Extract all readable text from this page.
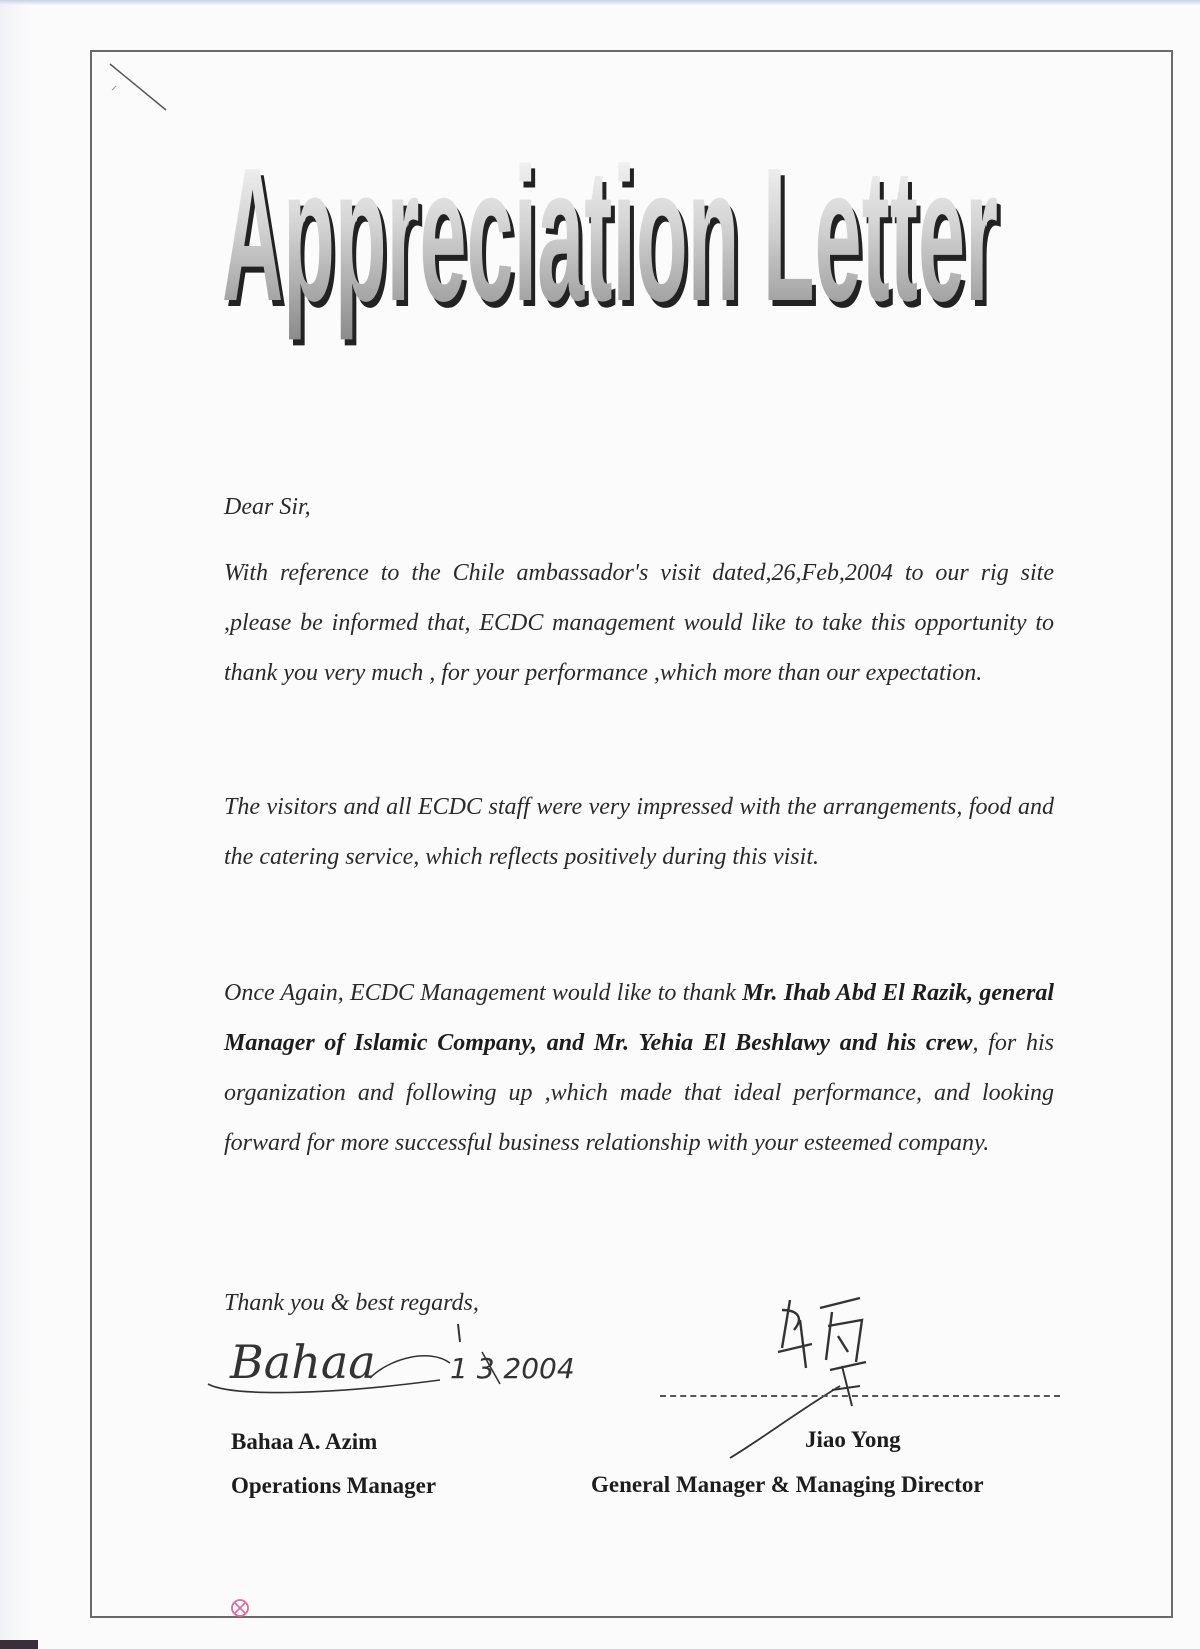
Appreciation Letter
Appreciation Letter
Dear Sir,
With reference to the Chile ambassador's visit dated,26,Feb,2004 to our rig site ,please be informed that, ECDC management would like to take this opportunity to thank you very much , for your performance ,which more than our expectation.
The visitors and all ECDC staff were very impressed with the arrangements, food and the catering service, which reflects positively during this visit.
Once Again, ECDC Management would like to thank Mr. Ihab Abd El Razik, general Manager of Islamic Company, and Mr. Yehia El Beshlawy and his crew, for his organization and following up ,which made that ideal performance, and looking forward for more successful business relationship with your esteemed company.
Thank you & best regards,
Bahaa	1 3 2004
Bahaa A. Azim
Operations Manager
Jiao Yong
General Manager & Managing Director
